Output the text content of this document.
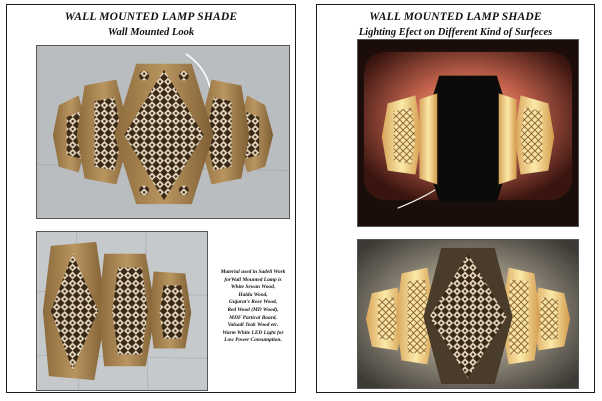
WALL MOUNTED LAMP SHADE
Wall Mounted Look
Material used in Sadeli Work
forWall Mounted Lamp is
White Sewan Wood,
Haldu Wood,
Gujarat's Rose Wood,
Red Wood (MD Wood),
MDF Partical Board,
Valsadi Teak Wood etc.
Warm White LED Light for
Low Power Consumption.
WALL MOUNTED LAMP SHADE
Lighting Efect on Different Kind of Surfeces
